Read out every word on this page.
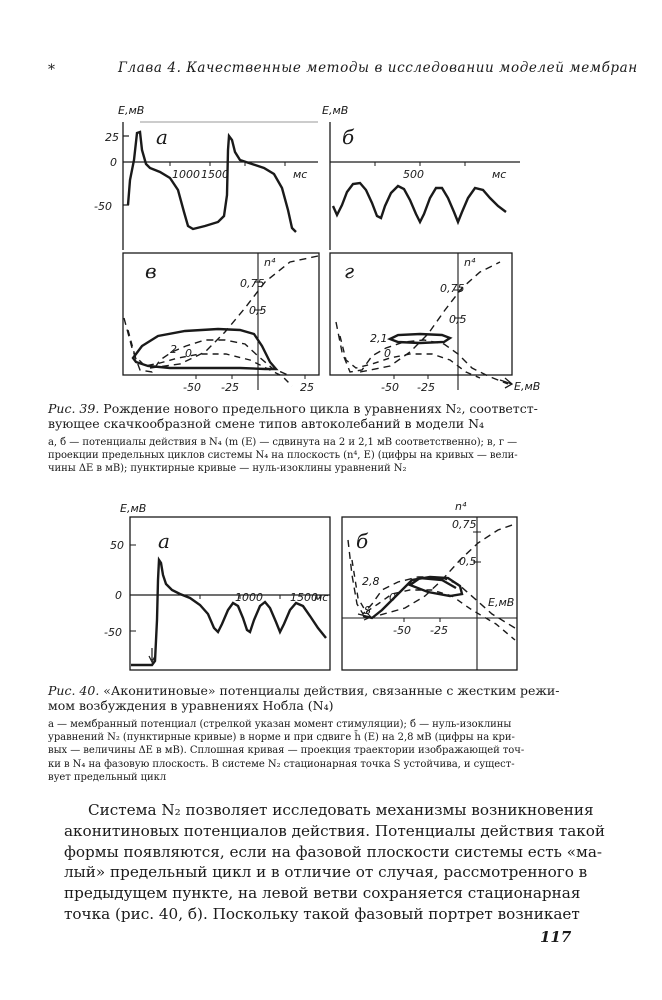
*	Глава 4. Качественные методы в исследовании моделей мембран
E,мВ
25
0
-50
а
1000 1500	мс
E,мВ
б
500	мс
в	n⁴
0,75
0,5
2 0
-50 -25	25
г	n⁴
0,75
0,5
2,1
0
-50 -25	E,мВ
E,мВ
50
0
-50
а
1000 1500
мс
б
n⁴
0,75
0,5
2,8
0
S
-50 -25
E,мВ
Рис. 39. Рождение нового предельного цикла в уравнениях N₂, соответст-
вующее скачкообразной смене типов автоколебаний в модели N₄
а, б — потенциалы действия в N₄ (m (E) — сдвинута на 2 и 2,1 мВ соответственно); в, г —
проекции предельных циклов системы N₄ на плоскость (n⁴, E) (цифры на кривых — вели-
чины ΔE в мВ); пунктирные кривые — нуль-изоклины уравнений N₂
Рис. 40. «Аконитиновые» потенциалы действия, связанные с жестким режи-
мом возбуждения в уравнениях Нобла (N₄)
а — мембранный потенциал (стрелкой указан момент стимуляции); б — нуль-изоклины
уравнений N₂ (пунктирные кривые) в норме и при сдвиге h̄ (E) на 2,8 мВ (цифры на кри-
вых — величины ΔE в мВ). Сплошная кривая — проекция траектории изображающей точ-
ки в N₄ на фазовую плоскость. В системе N₂ стационарная точка S устойчива, и сущест-
вует предельный цикл
Система N₂ позволяет исследовать механизмы возникновения
аконитиновых потенциалов действия. Потенциалы действия такой
формы появляются, если на фазовой плоскости системы есть «ма-
лый» предельный цикл и в отличие от случая, рассмотренного в
предыдущем пункте, на левой ветви сохраняется стационарная
точка (рис. 40, б). Поскольку такой фазовый портрет возникает
117
